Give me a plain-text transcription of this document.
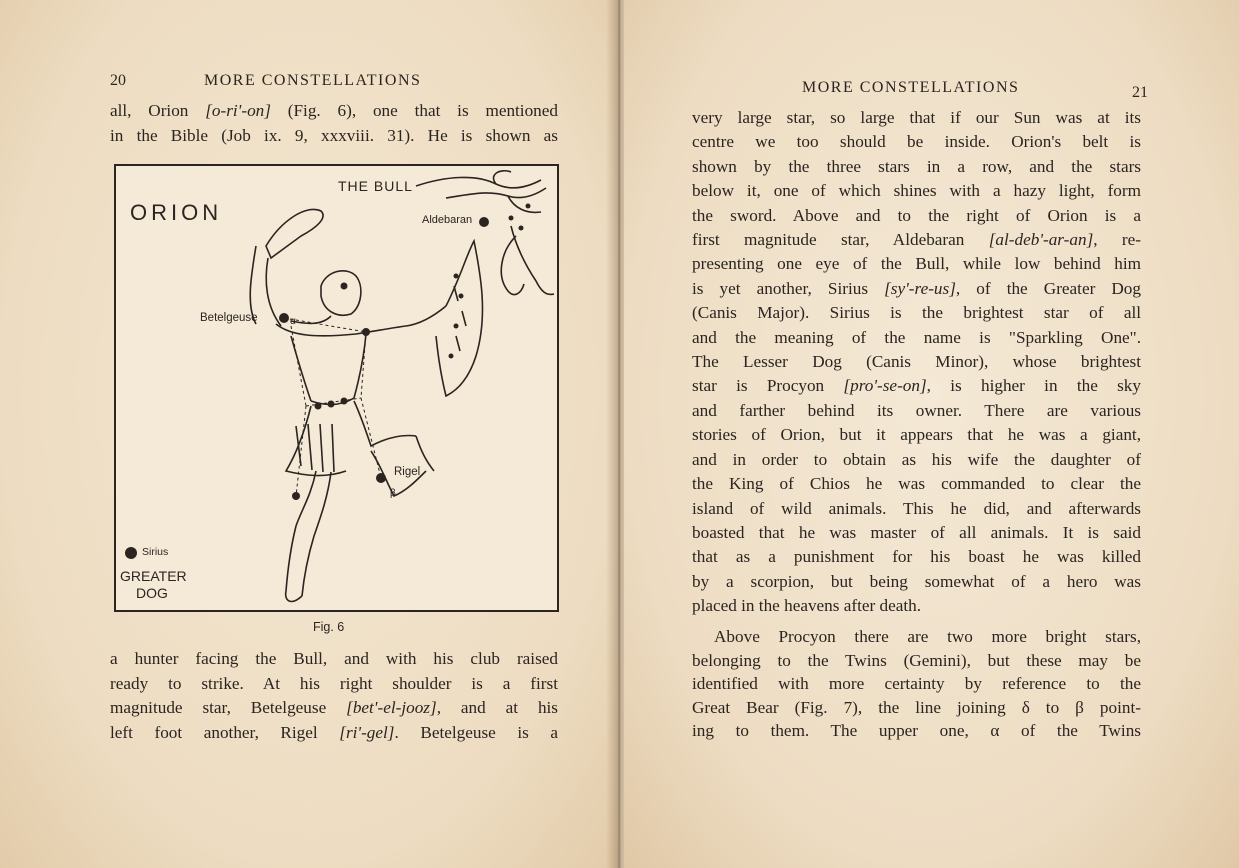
20	MORE CONSTELLATIONS
all, Orion [o-ri'-on] (Fig. 6), one that is mentioned
in the Bible (Job ix. 9, xxxviii. 31). He is shown as
ORION
THE BULL
Aldebaran
Betelgeuse	α
β
Rigel
Sirius
GREATER
DOG
Fig. 6
a hunter facing the Bull, and with his club raised
ready to strike. At his right shoulder is a first
magnitude star, Betelgeuse [bet'-el-jooz], and at his
left foot another, Rigel [ri'-gel]. Betelgeuse is a
MORE CONSTELLATIONS	21
very large star, so large that if our Sun was at its
centre we too should be inside. Orion's belt is
shown by the three stars in a row, and the stars
below it, one of which shines with a hazy light, form
the sword. Above and to the right of Orion is a
first magnitude star, Aldebaran [al-deb'-ar-an], re-
presenting one eye of the Bull, while low behind him
is yet another, Sirius [sy'-re-us], of the Greater Dog
(Canis Major). Sirius is the brightest star of all
and the meaning of the name is "Sparkling One".
The Lesser Dog (Canis Minor), whose brightest
star is Procyon [pro'-se-on], is higher in the sky
and farther behind its owner. There are various
stories of Orion, but it appears that he was a giant,
and in order to obtain as his wife the daughter of
the King of Chios he was commanded to clear the
island of wild animals. This he did, and afterwards
boasted that he was master of all animals. It is said
that as a punishment for his boast he was killed
by a scorpion, but being somewhat of a hero was
placed in the heavens after death.
Above Procyon there are two more bright stars,
belonging to the Twins (Gemini), but these may be
identified with more certainty by reference to the
Great Bear (Fig. 7), the line joining δ to β point-
ing to them. The upper one, α of the Twins
